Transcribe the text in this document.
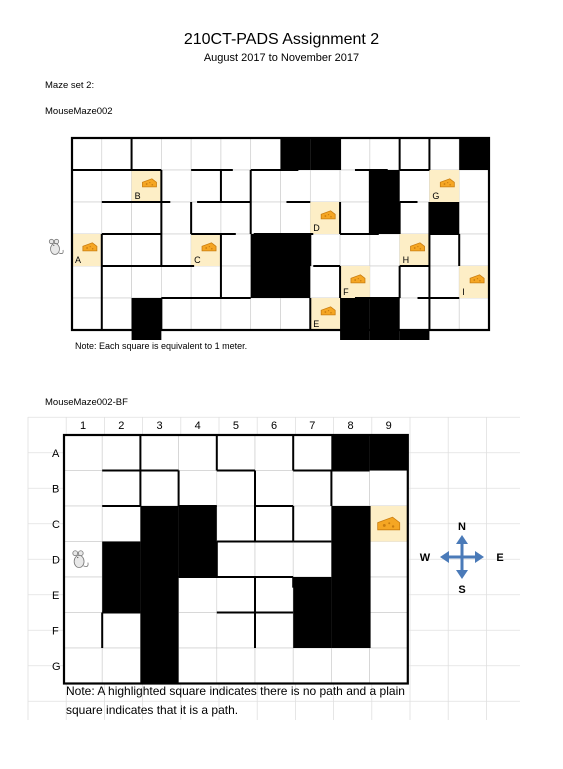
210CT-PADS Assignment 2
August 2017 to November 2017
Maze set 2:
MouseMaze002
B	G
D
A	C	H
F	I
E
Note: Each square is equivalent to 1 meter.
MouseMaze002-BF
1	2	3	4	5	6	7	8	9
A
B
C
D
E
F
G
N
S
W	E
Note: A highlighted square indicates there is no path and a plain square indicates that it is a path.
